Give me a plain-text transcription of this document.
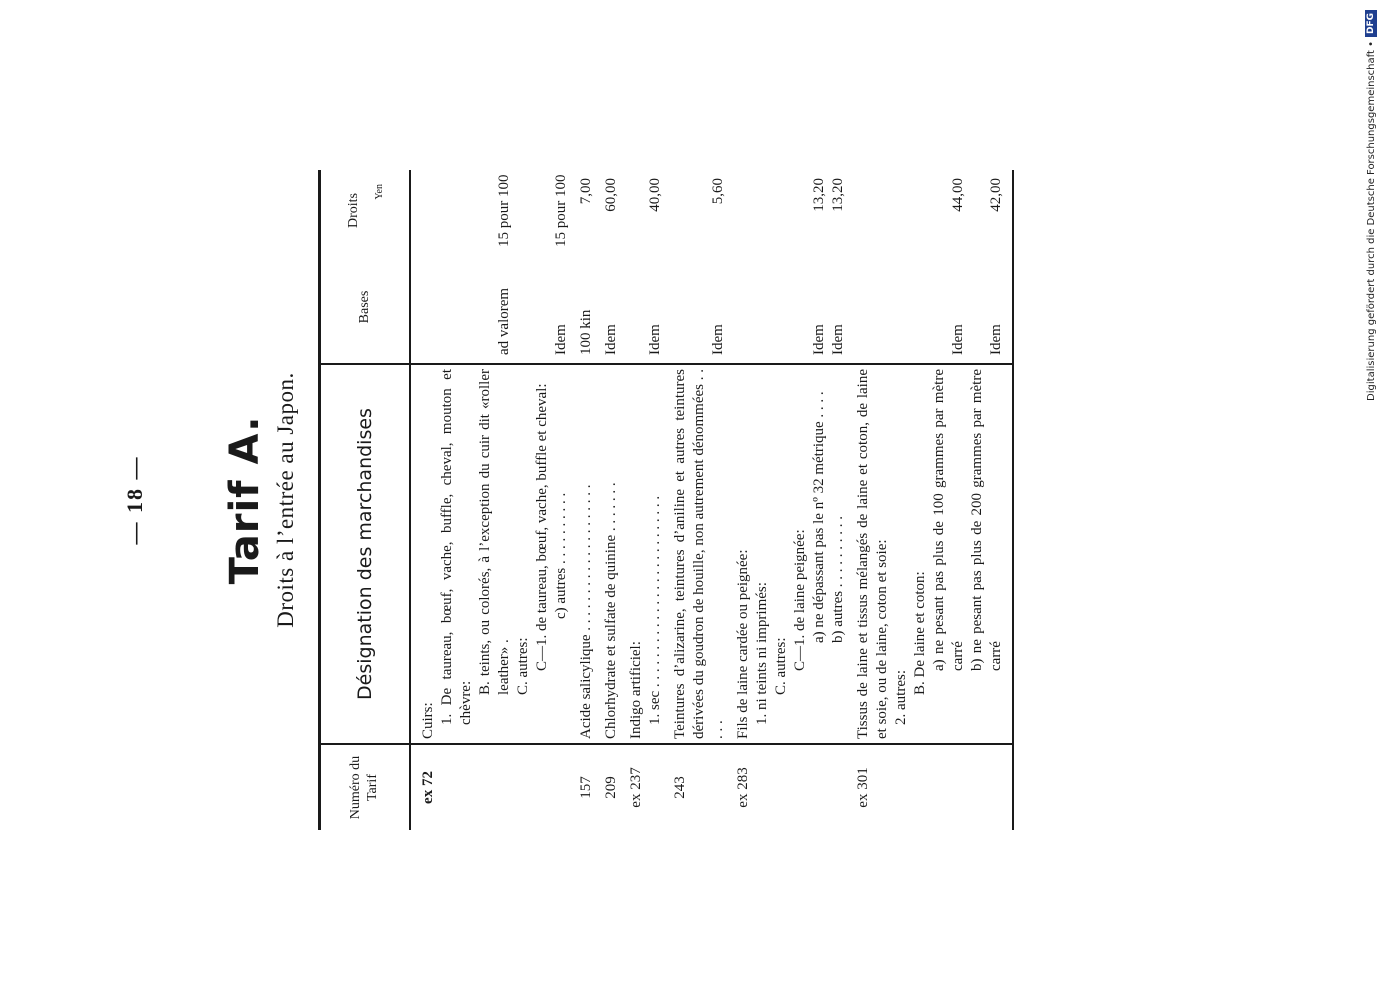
— 18 — Tarif A. Droits à l’entrée au Japon.
Numéro du Tarif	Désignation des marchandises	Bases	Droits
Yen

ex 72	Cuirs:		
	1. De taureau, bœuf, vache, buffle, cheval, mouton et chèvre:		
	B. teints, ou colorés, à l’exception du cuir dit «roller leather» .	ad valorem	15 pour 100
	C. autres:		
	C—1. de taureau, bœuf, vache, buffle et cheval:		
	c) autres . . . . . . . . . .	Idem	15 pour 100
157	Acide salicylique . . . . . . . . . . . . . . . . . . . .	100 kin	7,00
209	Chlorhydrate et sulfate de quinine . . . . . . .	Idem	60,00
ex 237	Indigo artificiel:		
	1. sec . . . . . . . . . . . . . . . . . . . . . . . . . .	Idem	40,00
243	Teintures d’alizarine, teintures d’aniline et autres teintures dérivées du goudron de houille, non autrement dénommées . . . . .	Idem	5,60
ex 283	Fils de laine cardée ou peignée:		
	1. ni teints ni imprimés:		
	C. autres:		
	C—1. de laine peignée:		
	a) ne dépassant pas le nº 32 métrique . . . .	Idem	13,20
	b) autres . . . . . . . . . .	Idem	13,20
ex 301	Tissus de laine et tissus mélangés de laine et coton, de laine et soie, ou de laine, coton et soie:		
	2. autres:		
	B. De laine et coton:		
	a) ne pesant pas plus de 100 grammes par mètre carré	Idem	44,00
	b) ne pesant pas plus de 200 grammes par mètre carré	Idem	42,00	Digitalisierung gefördert durch die Deutsche Forschungsgemeinschaft •
DFG
